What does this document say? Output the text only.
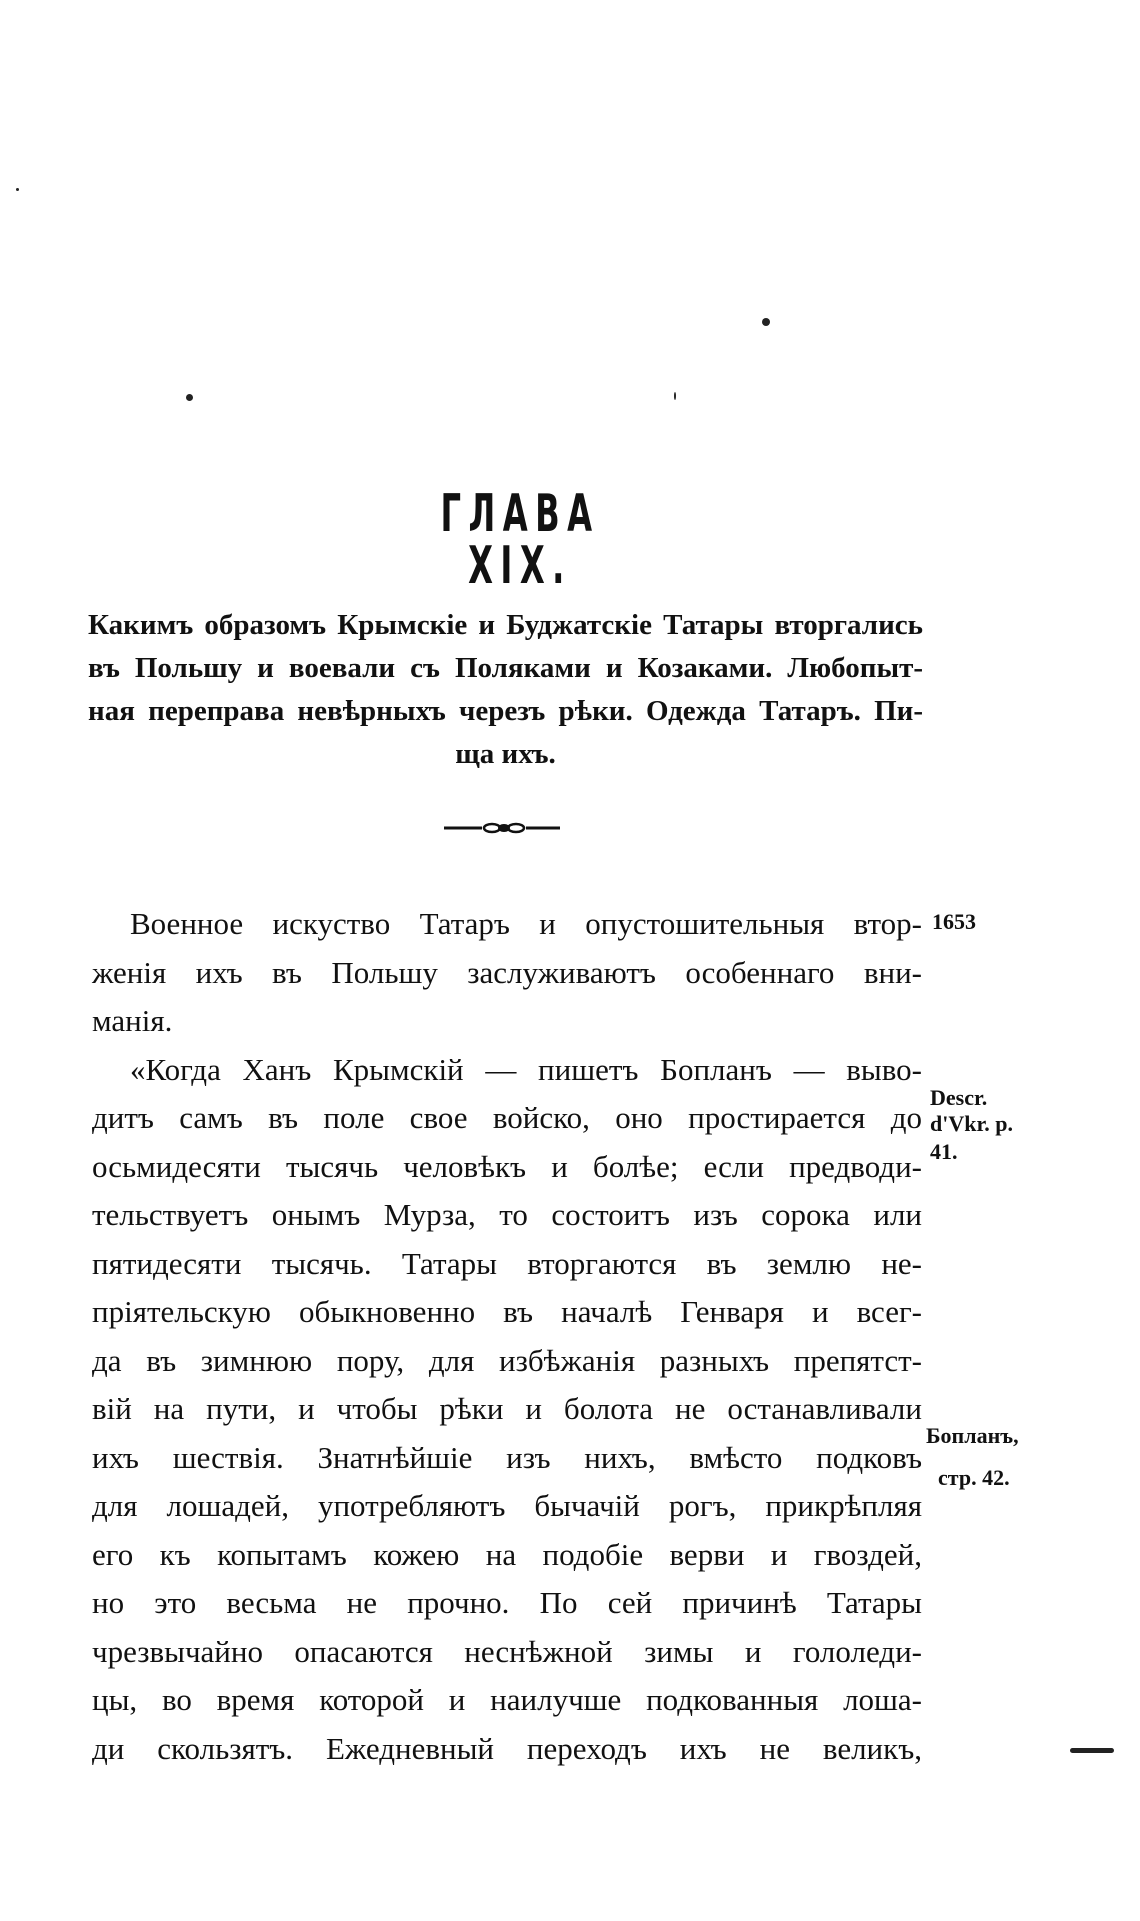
ГЛАВА XIX.
Какимъ образомъ Крымскiе и Буджатскiе Татары вторгались
въ Польшу и воевали съ Поляками и Козаками. Любопыт-
ная переправа невѣрныхъ черезъ рѣки. Одежда Татаръ. Пи-
ща ихъ.
Военное искуство Татаръ и опустошительныя втор-
женiя ихъ въ Польшу заслуживаютъ особеннаго вни-
манiя.
«Когда Ханъ Крымскiй — пишетъ Бопланъ — выво-
дитъ самъ въ поле свое войско, оно простирается до
осьмидесяти тысячь человѣкъ и болѣе; если предводи-
тельствуетъ онымъ Мурза, то состоитъ изъ сорока или
пятидесяти тысячь. Татары вторгаются въ землю не-
прiятельскую обыкновенно въ началѣ Генваря и всег-
да въ зимнюю пору, для избѣжанiя разныхъ препятст-
вiй на пути, и чтобы рѣки и болота не останавливали
ихъ шествiя. Знатнѣйшiе изъ нихъ, вмѣсто подковъ
для лошадей, употребляютъ бычачiй рогъ, прикрѣпляя
его къ копытамъ кожею на подобiе верви и гвоздей,
но это весьма не прочно. По сей причинѣ Татары
чрезвычайно опасаются неснѣжной зимы и гололеди-
цы, во время которой и наилучше подкованныя лоша-
ди скользятъ. Ежедневный переходъ ихъ не великъ,
1653
Descr.
d'Vkr. p.
41.
Бопланъ,
стр. 42.
